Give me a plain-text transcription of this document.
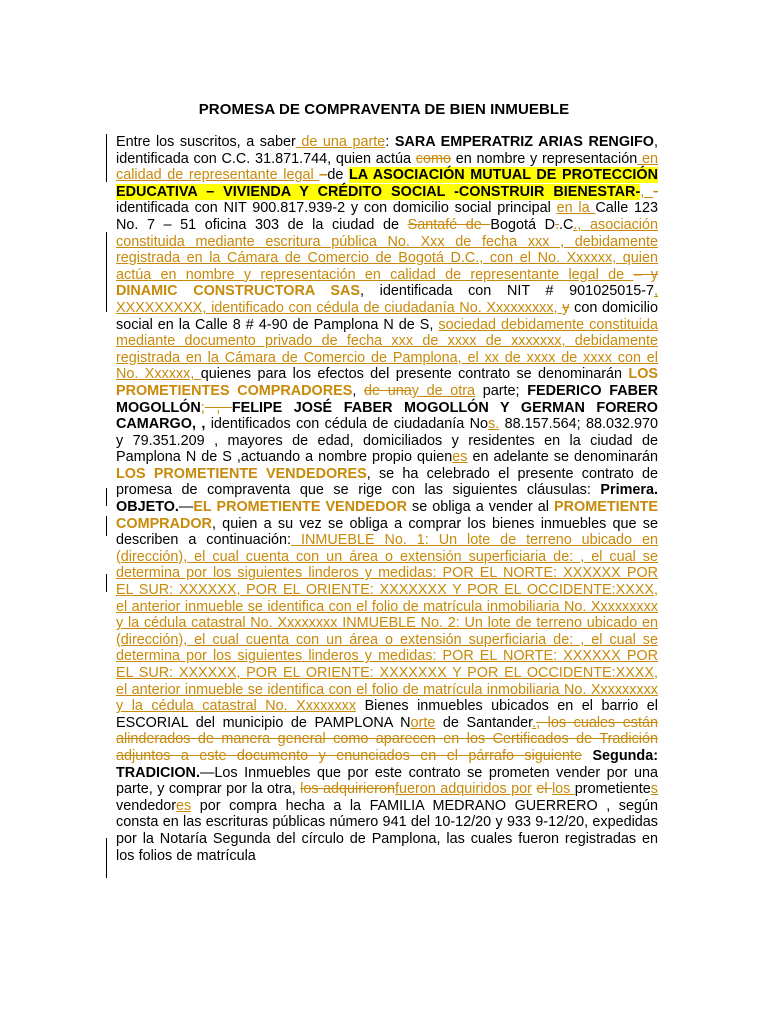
PROMESA DE COMPRAVENTA DE BIEN INMUEBLE
Entre los suscritos, a saber de una parte: SARA EMPERATRIZ ARIAS RENGIFO, identificada con C.C. 31.871.744, quien actúa como en nombre y representación en calidad de representante legal –de LA ASOCIACIÓN MUTUAL DE PROTECCIÓN EDUCATIVA – VIVIENDA Y CRÉDITO SOCIAL -CONSTRUIR BIENESTAR-, -identificada con NIT 900.817.939-2 y con domicilio social principal en la Calle 123 No. 7 – 51 oficina 303 de la ciudad de Santafé de Bogotá D..C., asociación constituida mediante escritura pública No. Xxx de fecha xxx , debidamente registrada en la Cámara de Comercio de Bogotá D.C., con el No. Xxxxxx, quien actúa en nombre y representación en calidad de representante legal de – y DINAMIC CONSTRUCTORA SAS, identificada con NIT # 901025015-7, XXXXXXXXX, identificado con cédula de ciudadanía No. Xxxxxxxxx, y con domicilio social en la Calle 8 # 4-90 de Pamplona N de S, sociedad debidamente constituida mediante documento privado de fecha xxx de xxxx de xxxxxxx, debidamente registrada en la Cámara de Comercio de Pamplona, el xx de xxxx de xxxx con el No. Xxxxxx, quienes para los efectos del presente contrato se denominarán LOS PROMETIENTES COMPRADORES, de unay de otra parte; FEDERICO FABER MOGOLLÓN; , FELIPE JOSÉ FABER MOGOLLÓN Y GERMAN FORERO CAMARGO, , identificados con cédula de ciudadanía Nos. 88.157.564; 88.032.970 y 79.351.209 , mayores de edad, domiciliados y residentes en la ciudad de Pamplona N de S ,actuando a nombre propio quienes en adelante se denominarán LOS PROMETIENTE VENDEDORES, se ha celebrado el presente contrato de promesa de compraventa que se rige con las siguientes cláusulas: Primera. OBJETO.—EL PROMETIENTE VENDEDOR se obliga a vender al PROMETIENTE COMPRADOR, quien a su vez se obliga a comprar los bienes inmuebles que se describen a continuación: INMUEBLE No. 1: Un lote de terreno ubicado en (dirección), el cual cuenta con un área o extensión superficiaria de: , el cual se determina por los siguientes linderos y medidas: POR EL NORTE: XXXXXX POR EL SUR: XXXXXX, POR EL ORIENTE: XXXXXXX Y POR EL OCCIDENTE:XXXX, el anterior inmueble se identifica con el folio de matrícula inmobiliaria No. Xxxxxxxxx y la cédula catastral No. Xxxxxxxx INMUEBLE No. 2: Un lote de terreno ubicado en (dirección), el cual cuenta con un área o extensión superficiaria de: , el cual se determina por los siguientes linderos y medidas: POR EL NORTE: XXXXXX POR EL SUR: XXXXXX, POR EL ORIENTE: XXXXXXX Y POR EL OCCIDENTE:XXXX, el anterior inmueble se identifica con el folio de matrícula inmobiliaria No. Xxxxxxxxx y la cédula catastral No. Xxxxxxxx Bienes inmuebles ubicados en el barrio el ESCORIAL del municipio de PAMPLONA Norte de Santander., los cuales están alinderados de manera general como aparecen en los Certificados de Tradición adjuntos a este documento y enunciados en el párrafo siguiente Segunda: TRADICION.—Los Inmuebles que por este contrato se prometen vender por una parte, y comprar por la otra, los adquirieronfueron adquiridos por el los prometientes vendedores por compra hecha a la FAMILIA MEDRANO GUERRERO , según consta en las escrituras públicas número 941 del 10-12/20 y 933 9-12/20, expedidas por la Notaría Segunda del círculo de Pamplona, las cuales fueron registradas en los folios de matrícula
